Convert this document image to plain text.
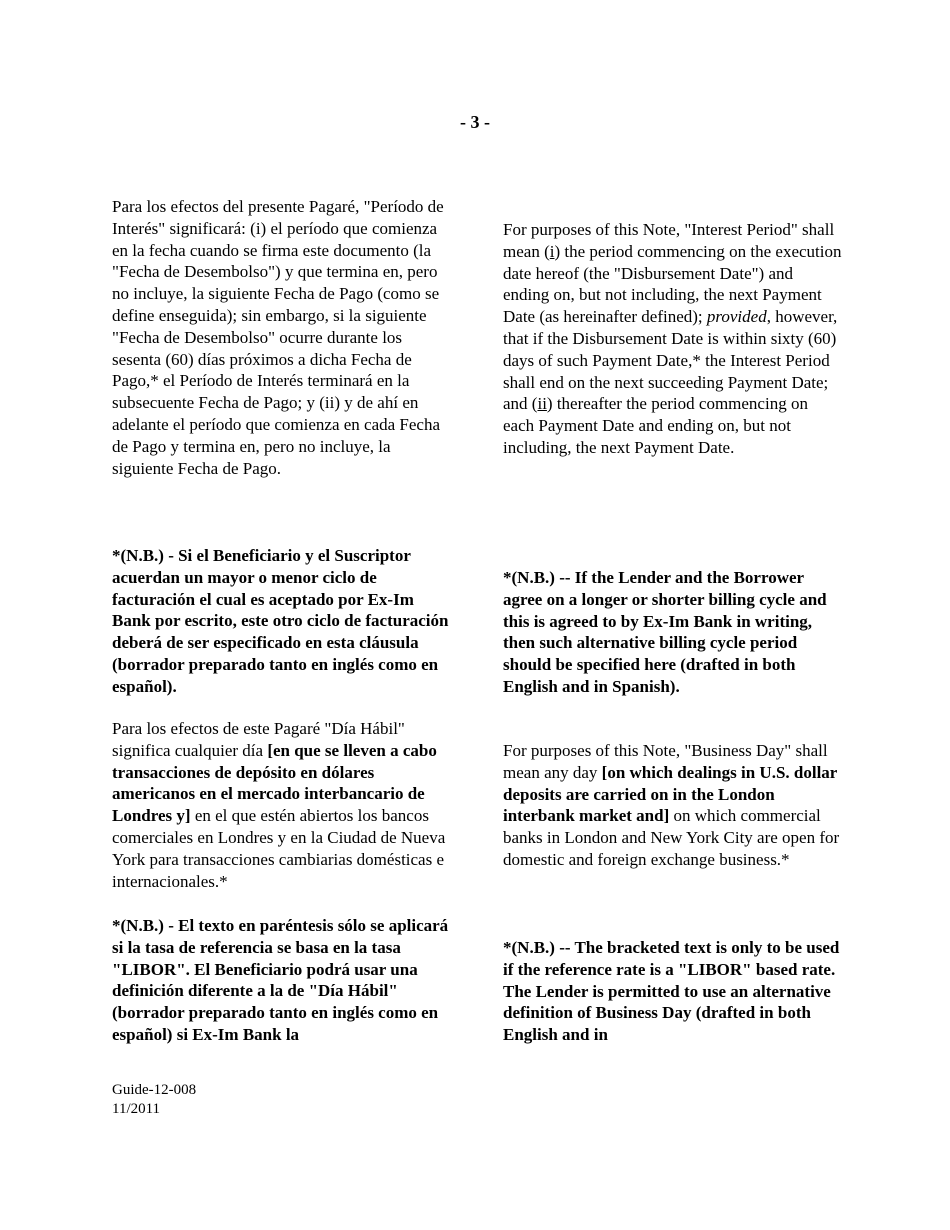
- 3 -

Para los efectos del presente Pagaré, "Período de Interés" significará: (i) el período que comienza en la fecha cuando se firma este documento (la "Fecha de Desembolso") y que termina en, pero no incluye, la siguiente Fecha de Pago (como se define enseguida); sin embargo, si la siguiente "Fecha de Desembolso" ocurre durante los sesenta (60) días próximos a dicha Fecha de Pago,* el Período de Interés terminará en la subsecuente Fecha de Pago; y (ii) y de ahí en adelante el período que comienza en cada Fecha de Pago y termina en, pero no incluye, la siguiente Fecha de Pago.

*(N.B.) - Si el Beneficiario y el Suscriptor acuerdan un mayor o menor ciclo de facturación el cual es aceptado por Ex-Im Bank por escrito, este otro ciclo de facturación deberá de ser especificado en esta cláusula (borrador preparado tanto en inglés como en español).

Para los efectos de este Pagaré "Día Hábil" significa cualquier día [en que se lleven a cabo transacciones de depósito en dólares americanos en el mercado interbancario de Londres y] en el que estén abiertos los bancos comerciales en Londres y en la Ciudad de Nueva York para transacciones cambiarias domésticas e internacionales.*

*(N.B.) - El texto en paréntesis sólo se aplicará si la tasa de referencia se basa en la tasa "LIBOR". El Beneficiario podrá usar una definición diferente a la de "Día Hábil" (borrador preparado tanto en inglés como en español) si Ex-Im Bank la

For purposes of this Note, "Interest Period" shall mean (i) the period commencing on the execution date hereof (the "Disbursement Date") and ending on, but not including, the next Payment Date (as hereinafter defined); provided, however, that if the Disbursement Date is within sixty (60) days of such Payment Date,* the Interest Period shall end on the next succeeding Payment Date; and (ii) thereafter the period commencing on each Payment Date and ending on, but not including, the next Payment Date.

*(N.B.) -- If the Lender and the Borrower agree on a longer or shorter billing cycle and this is agreed to by Ex-Im Bank in writing, then such alternative billing cycle period should be specified here (drafted in both English and in Spanish).

For purposes of this Note, "Business Day" shall mean any day [on which dealings in U.S. dollar deposits are carried on in the London interbank market and] on which commercial banks in London and New York City are open for domestic and foreign exchange business.*

*(N.B.) -- The bracketed text is only to be used if the reference rate is a "LIBOR" based rate. The Lender is permitted to use an alternative definition of Business Day (drafted in both English and in

Guide-12-008
11/2011
